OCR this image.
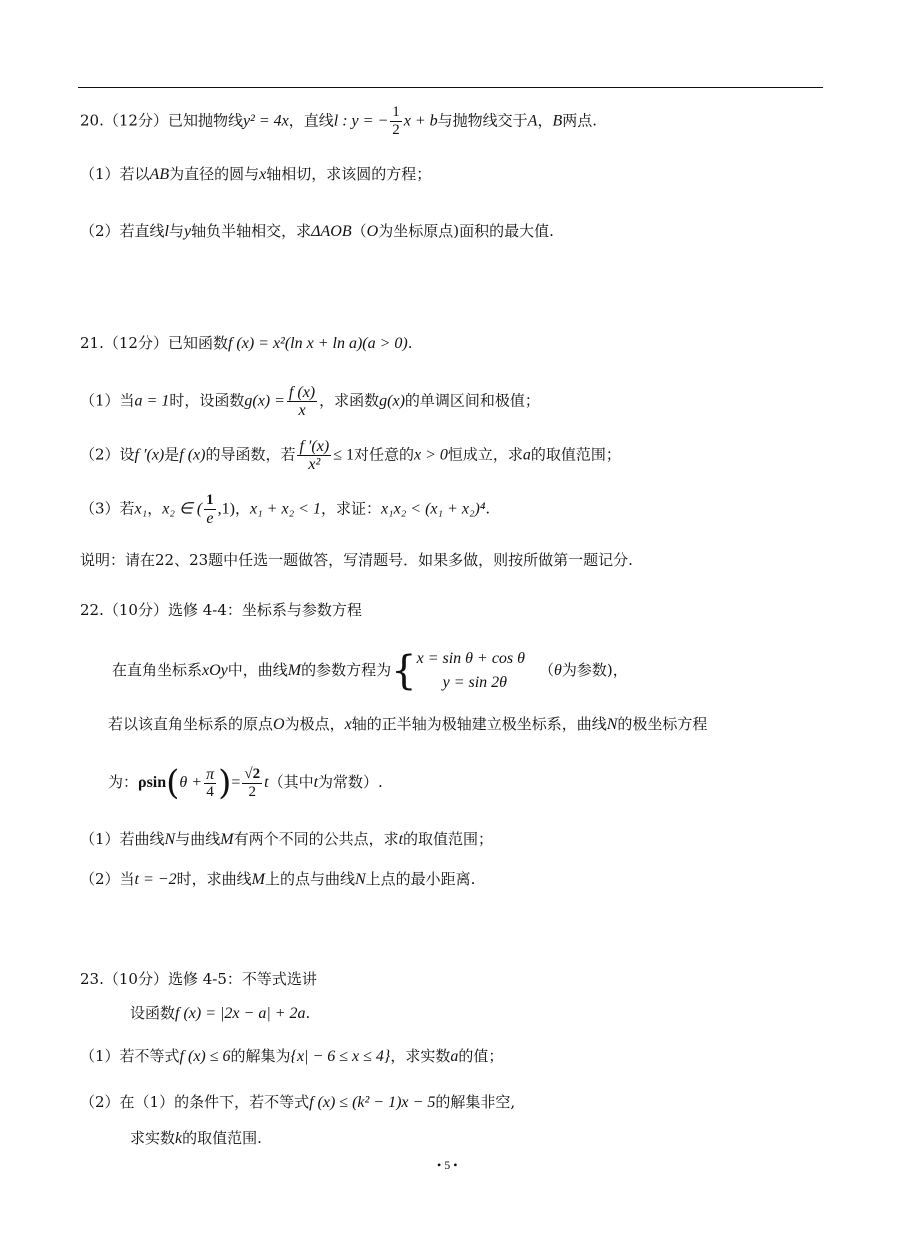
20.（12分）已知抛物线y² = 4x，直线l : y = − $\frac{1}{2}$ x + b与抛物线交于A，B两点.
（1）若以AB为直径的圆与x轴相切，求该圆的方程；
（2）若直线l与y轴负半轴相交，求ΔAOB（O为坐标原点)面积的最大值.
21.（12分）已知函数f (x) = x²(ln x + ln a)(a > 0).
（1）当a = 1时，设函数$g(x) = \frac{f (x)}{x}$ ，求函数g(x)的单调区间和极值；
（2）设f ′(x)是f (x)的导函数，若 $\frac{f '(x)}{\text{x²}} \le 1$对任意的x > 0恒成立，求a的取值范围；
（3）若x₁，x₂ ∈ ( $\frac{1}{e} ,1$)，x₁ + x₂ < 1，求证：x₁x₂ < (x₁ + x₂)⁴.
说明：请在22、23题中任选一题做答，写清题号．如果多做，则按所做第一题记分.
22.（10分）选修 4-4：坐标系与参数方程
在直角坐标系xOy中，曲线M的参数方程为{ x = sin θ + cos θ
y = sin 2θ
（θ为参数)，
若以该直角坐标系的原点O为极点，x轴的正半轴为极轴建立极坐标系，曲线N的极坐标方程
为：$\rho\sin(\theta + \frac{\pi}{4}$ )= $\frac{√2}{2} t$（其中t为常数）.
（1）若曲线N与曲线M有两个不同的公共点，求t的取值范围；
（2）当t = −2时，求曲线M上的点与曲线N上点的最小距离.
23.（10分）选修 4-5：不等式选讲
设函数f (x) = |2x − a| + 2a.
（1）若不等式f (x) ≤ 6的解集为{x| − 6 ≤ x ≤ 4}，求实数a的值；
（2）在（1）的条件下，若不等式f (x) ≤ (k² − 1)x − 5的解集非空,
求实数k的取值范围.
• 5 •
